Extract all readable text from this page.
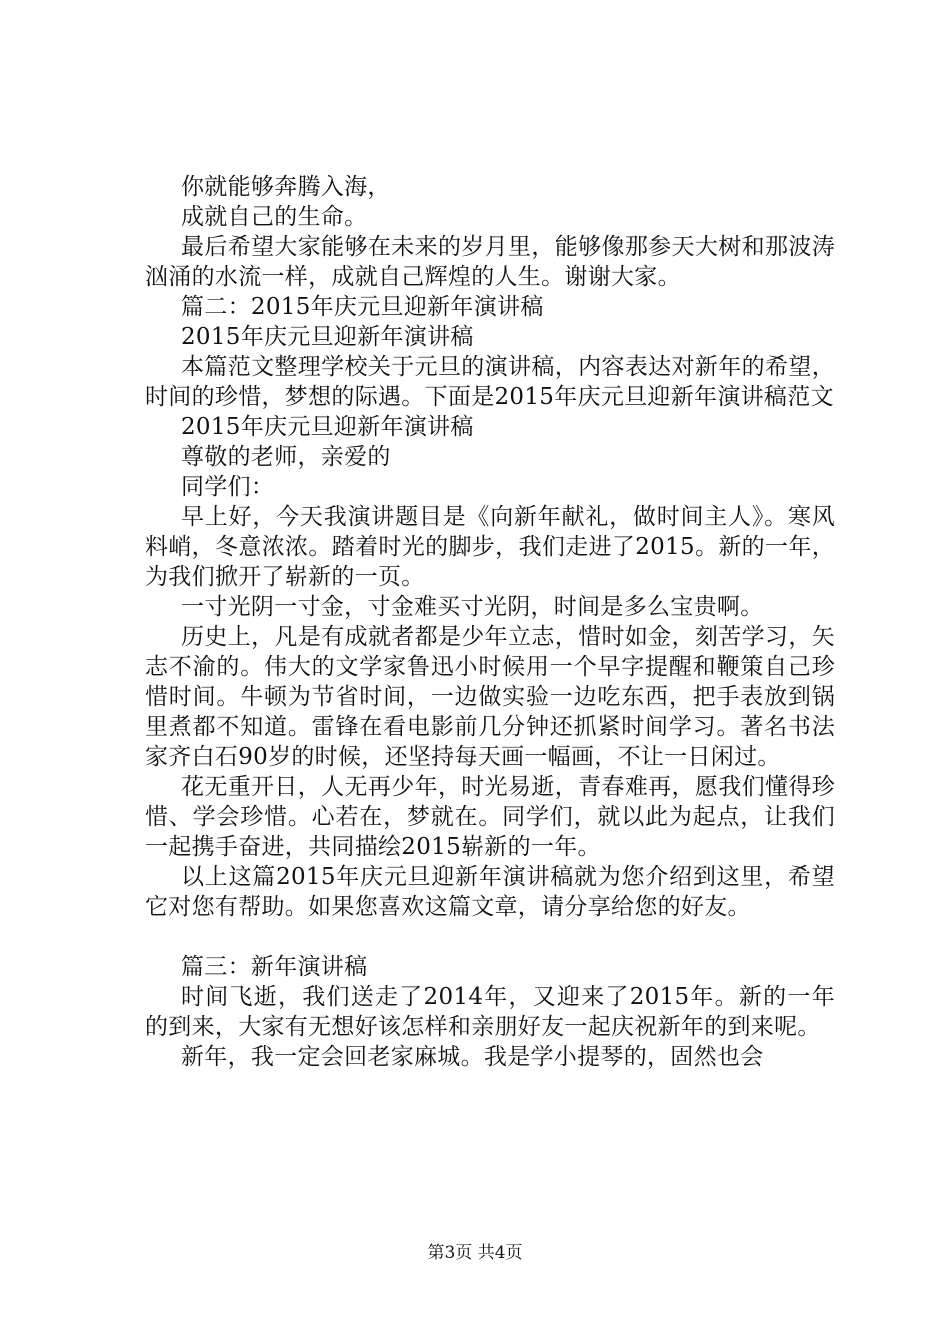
你就能够奔腾入海，

成就自己的生命。

最后希望大家能够在未来的岁月里，能够像那参天大树和那波涛汹涌的水流一样，成就自己辉煌的人生。谢谢大家。

篇二：2015年庆元旦迎新年演讲稿

2015年庆元旦迎新年演讲稿

本篇范文整理学校关于元旦的演讲稿，内容表达对新年的希望，时间的珍惜，梦想的际遇。下面是2015年庆元旦迎新年演讲稿范文

2015年庆元旦迎新年演讲稿

尊敬的老师，亲爱的

同学们：

早上好，今天我演讲题目是《向新年献礼，做时间主人》。寒风料峭，冬意浓浓。踏着时光的脚步，我们走进了2015。新的一年，为我们掀开了崭新的一页。

一寸光阴一寸金，寸金难买寸光阴，时间是多么宝贵啊。

历史上，凡是有成就者都是少年立志，惜时如金，刻苦学习，矢志不渝的。伟大的文学家鲁迅小时候用一个早字提醒和鞭策自己珍惜时间。牛顿为节省时间，一边做实验一边吃东西，把手表放到锅里煮都不知道。雷锋在看电影前几分钟还抓紧时间学习。著名书法家齐白石90岁的时候，还坚持每天画一幅画，不让一日闲过。

花无重开日，人无再少年，时光易逝，青春难再，愿我们懂得珍惜、学会珍惜。心若在，梦就在。同学们，就以此为起点，让我们一起携手奋进，共同描绘2015崭新的一年。

以上这篇2015年庆元旦迎新年演讲稿就为您介绍到这里，希望它对您有帮助。如果您喜欢这篇文章，请分享给您的好友。

篇三：新年演讲稿

时间飞逝，我们送走了2014年，又迎来了2015年。新的一年的到来，大家有无想好该怎样和亲朋好友一起庆祝新年的到来呢。

新年，我一定会回老家麻城。我是学小提琴的，固然也会

第3页 共4页
